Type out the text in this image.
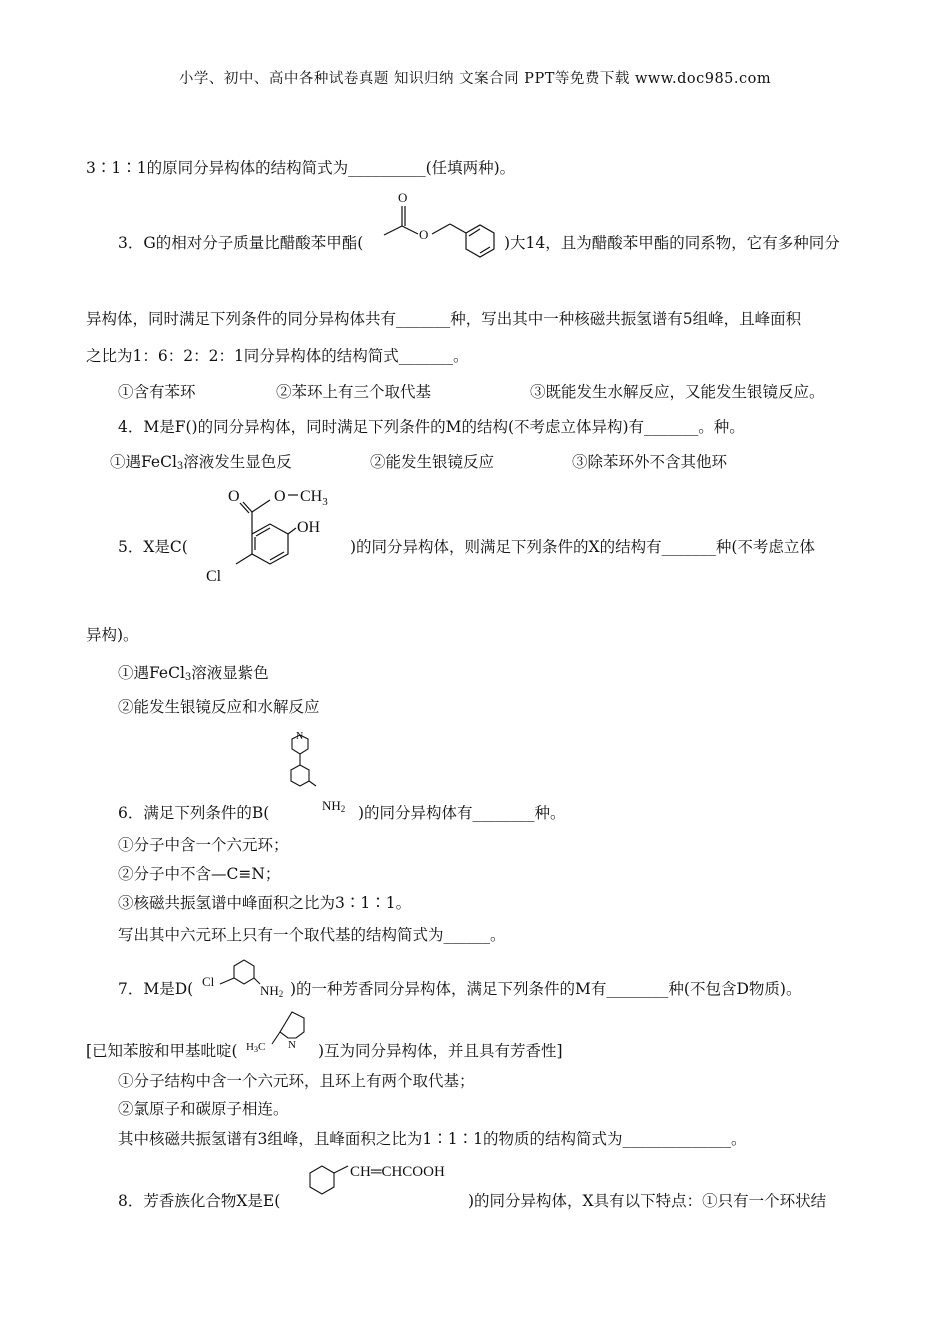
小学、初中、高中各种试卷真题 知识归纳 文案合同 PPT等免费下载 www.doc985.com
3∶1∶1的原同分异构体的结构简式为__________(任填两种)。
3．G的相对分子质量比醋酸苯甲酯(
O
O	)大14，且为醋酸苯甲酯的同系物，它有多种同分
异构体，同时满足下列条件的同分异构体共有_______种，写出其中一种核磁共振氢谱有5组峰，且峰面积
之比为1：6：2：2：1同分异构体的结构简式_______。
①含有苯环	②苯环上有三个取代基	③既能发生水解反应，又能发生银镜反应。
4．M是F()的同分异构体，同时满足下列条件的M的结构(不考虑立体异构)有_______。种。
①遇FeCl$_3$溶液发生显色反	②能发生银镜反应	③除苯环外不含其他环
5．X是C(
O O $CH_3$
OH
Cl
)的同分异构体，则满足下列条件的X的结构有_______种(不考虑立体
异构)。
①遇FeCl$_3$溶液显紫色
②能发生银镜反应和水解反应
N
NH2
6．满足下列条件的B(	)的同分异构体有________种。
①分子中含一个六元环；
②分子中不含—C≡N；
③核磁共振氢谱中峰面积之比为3∶1∶1。
写出其中六元环上只有一个取代基的结构简式为______。
7．M是D( Cl
NH2 )的一种芳香同分异构体，满足下列条件的M有________种(不包含D物质)。
[已知苯胺和甲基吡啶( H3C N )互为同分异构体，并且具有芳香性]
①分子结构中含一个六元环，且环上有两个取代基；
②氯原子和碳原子相连。
其中核磁共振氢谱有3组峰，且峰面积之比为1∶1∶1的物质的结构简式为______________。
8．芳香族化合物X是E(
CH═CHCOOH
)的同分异构体，X具有以下特点：①只有一个环状结
